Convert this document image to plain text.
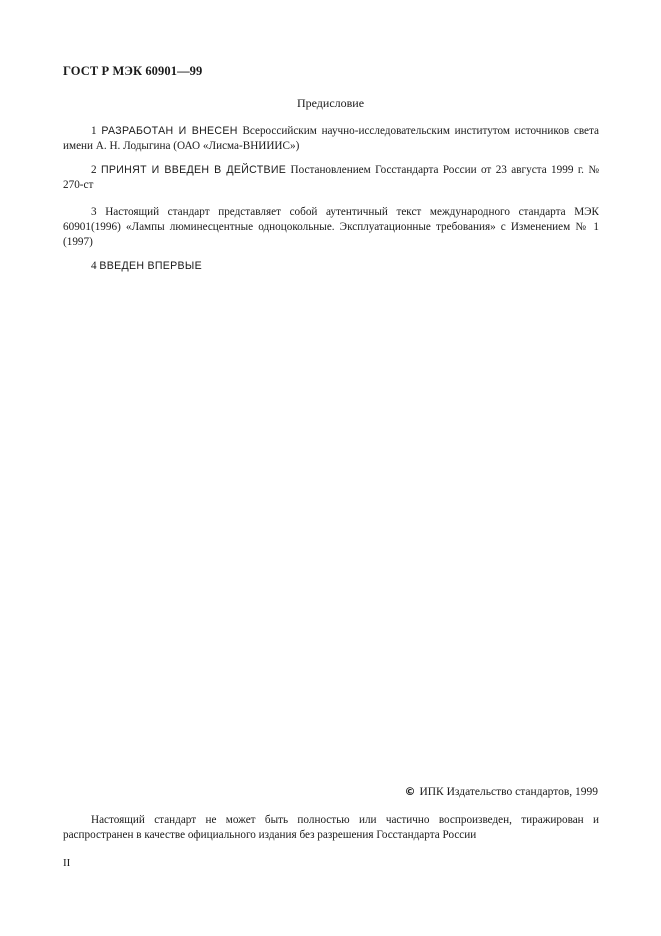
ГОСТ Р МЭК 60901—99
Предисловие
1 РАЗРАБОТАН И ВНЕСЕН Всероссийским научно-исследовательским институтом источников света имени А. Н. Лодыгина (ОАО «Лисма-ВНИИИС»)
2 ПРИНЯТ И ВВЕДЕН В ДЕЙСТВИЕ Постановлением Госстандарта России от 23 августа 1999 г. № 270-ст
3 Настоящий стандарт представляет собой аутентичный текст международного стандарта МЭК 60901(1996) «Лампы люминесцентные одноцокольные. Эксплуатационные требования» с Изменением № 1 (1997)
4 ВВЕДЕН ВПЕРВЫЕ
© ИПК Издательство стандартов, 1999
Настоящий стандарт не может быть полностью или частично воспроизведен, тиражирован и распространен в качестве официального издания без разрешения Госстандарта России
II
